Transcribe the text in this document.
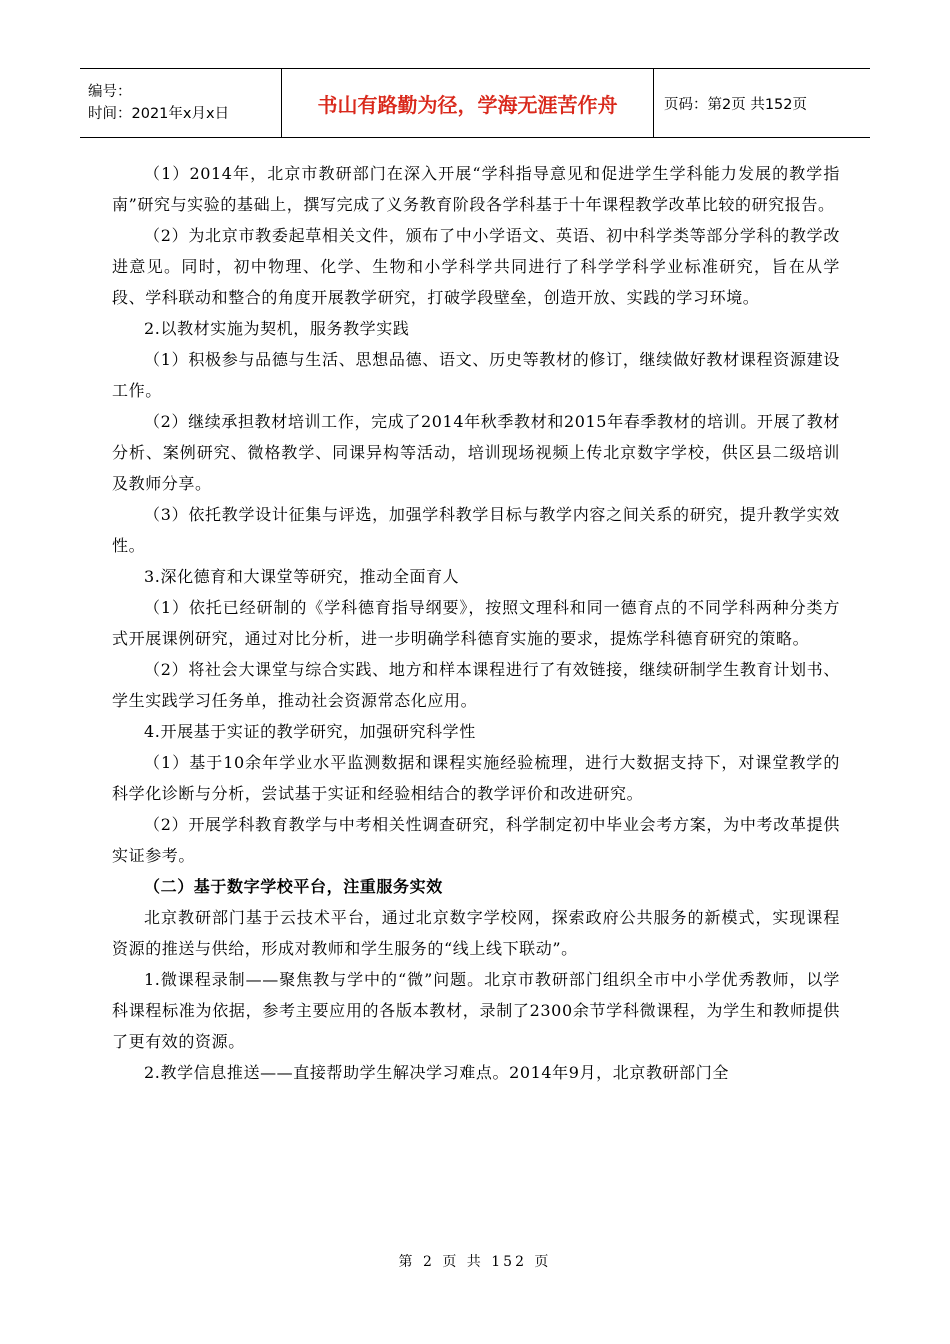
编号：
时间：2021年x月x日	书山有路勤为径，学海无涯苦作舟	页码：第2页 共152页

（1）2014年，北京市教研部门在深入开展“学科指导意见和促进学生学科能力发展的教学指南”研究与实验的基础上，撰写完成了义务教育阶段各学科基于十年课程教学改革比较的研究报告。

（2）为北京市教委起草相关文件，颁布了中小学语文、英语、初中科学类等部分学科的教学改进意见。同时，初中物理、化学、生物和小学科学共同进行了科学学科学业标准研究，旨在从学段、学科联动和整合的角度开展教学研究，打破学段壁垒，创造开放、实践的学习环境。

2.以教材实施为契机，服务教学实践

（1）积极参与品德与生活、思想品德、语文、历史等教材的修订，继续做好教材课程资源建设工作。

（2）继续承担教材培训工作，完成了2014年秋季教材和2015年春季教材的培训。开展了教材分析、案例研究、微格教学、同课异构等活动，培训现场视频上传北京数字学校，供区县二级培训及教师分享。

（3）依托教学设计征集与评选，加强学科教学目标与教学内容之间关系的研究，提升教学实效性。

3.深化德育和大课堂等研究，推动全面育人

（1）依托已经研制的《学科德育指导纲要》，按照文理科和同一德育点的不同学科两种分类方式开展课例研究，通过对比分析，进一步明确学科德育实施的要求，提炼学科德育研究的策略。

（2）将社会大课堂与综合实践、地方和样本课程进行了有效链接，继续研制学生教育计划书、学生实践学习任务单，推动社会资源常态化应用。

4.开展基于实证的教学研究，加强研究科学性

（1）基于10余年学业水平监测数据和课程实施经验梳理，进行大数据支持下，对课堂教学的科学化诊断与分析，尝试基于实证和经验相结合的教学评价和改进研究。

（2）开展学科教育教学与中考相关性调查研究，科学制定初中毕业会考方案，为中考改革提供实证参考。

（二）基于数字学校平台，注重服务实效

北京教研部门基于云技术平台，通过北京数字学校网，探索政府公共服务的新模式，实现课程资源的推送与供给，形成对教师和学生服务的“线上线下联动”。

1.微课程录制——聚焦教与学中的“微”问题。北京市教研部门组织全市中小学优秀教师，以学科课程标准为依据，参考主要应用的各版本教材，录制了2300余节学科微课程，为学生和教师提供了更有效的资源。

2.教学信息推送——直接帮助学生解决学习难点。2014年9月，北京教研部门全

第 2 页 共 152 页
